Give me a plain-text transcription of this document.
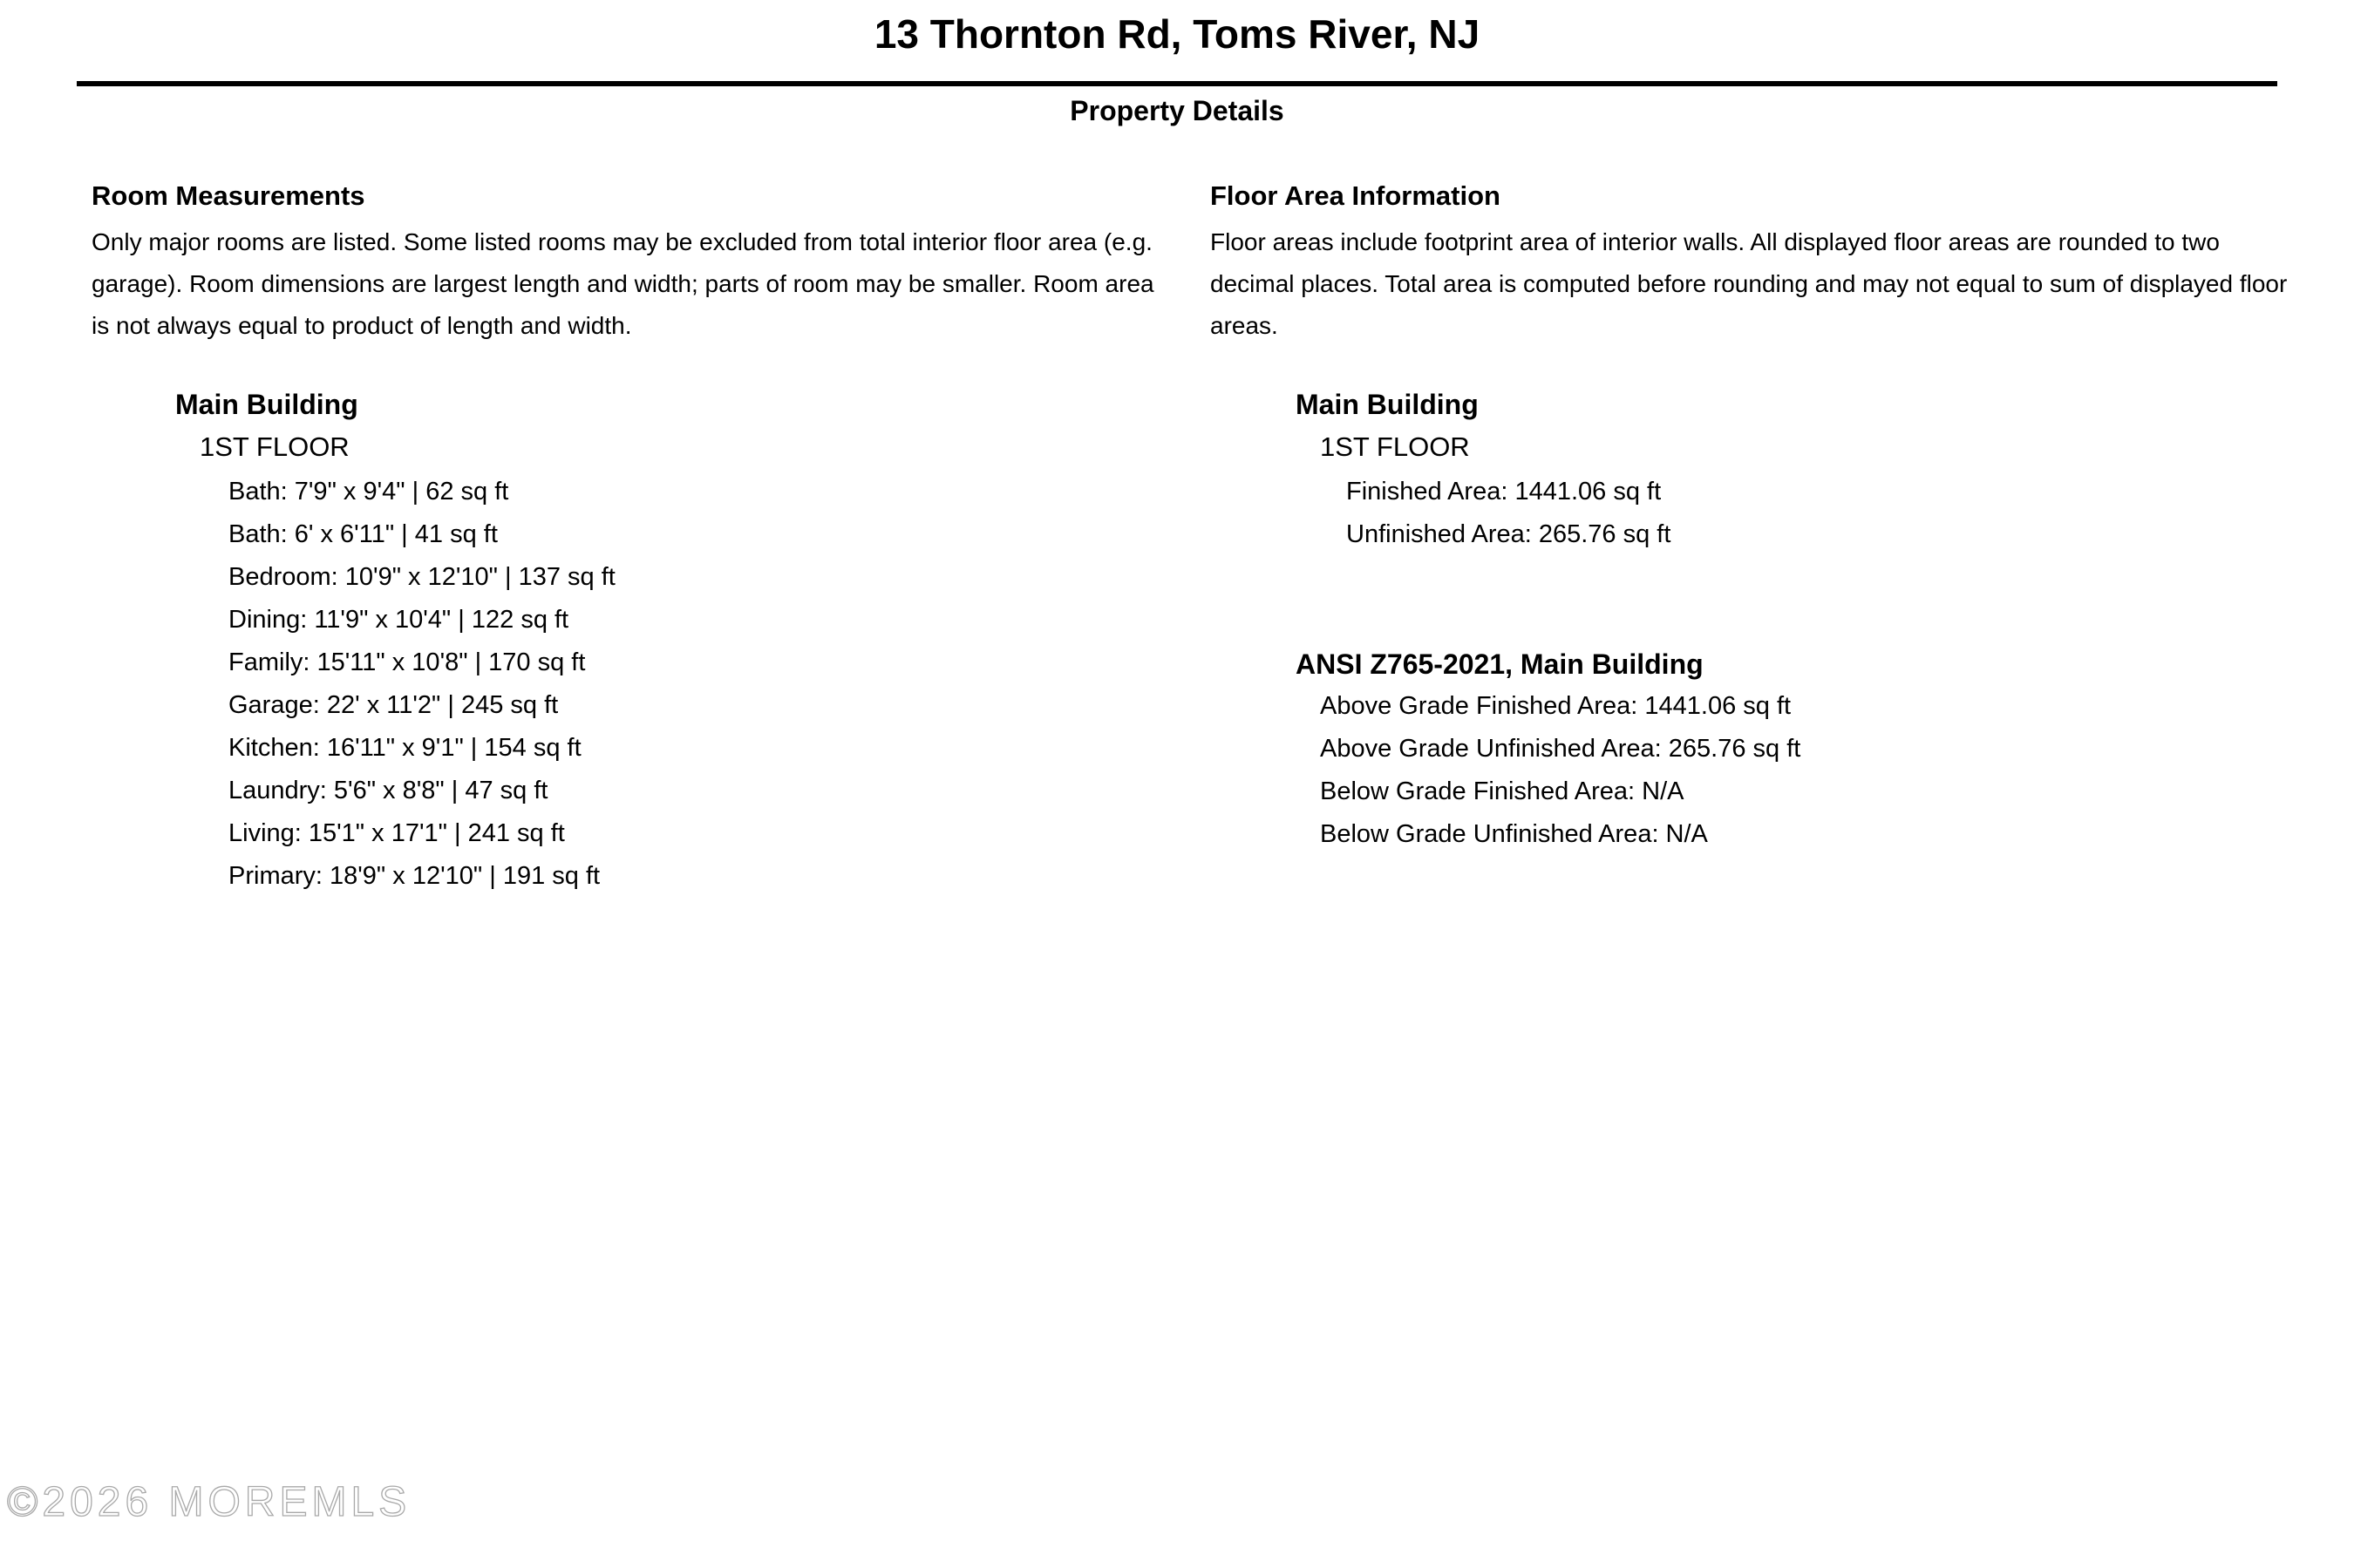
13 Thornton Rd, Toms River, NJ
Property Details
Room Measurements

Only major rooms are listed. Some listed rooms may be excluded from total interior floor area (e.g. garage). Room dimensions are largest length and width; parts of room may be smaller. Room area is not always equal to product of length and width.

Main Building
1ST FLOOR
Bath: 7'9" x 9'4" | 62 sq ft
Bath: 6' x 6'11" | 41 sq ft
Bedroom: 10'9" x 12'10" | 137 sq ft
Dining: 11'9" x 10'4" | 122 sq ft
Family: 15'11" x 10'8" | 170 sq ft
Garage: 22' x 11'2" | 245 sq ft
Kitchen: 16'11" x 9'1" | 154 sq ft
Laundry: 5'6" x 8'8" | 47 sq ft
Living: 15'1" x 17'1" | 241 sq ft
Primary: 18'9" x 12'10" | 191 sq ft
Floor Area Information

Floor areas include footprint area of interior walls. All displayed floor areas are rounded to two decimal places. Total area is computed before rounding and may not equal to sum of displayed floor areas.

Main Building
1ST FLOOR
Finished Area: 1441.06 sq ft
Unfinished Area: 265.76 sq ft
ANSI Z765-2021, Main Building
Above Grade Finished Area: 1441.06 sq ft
Above Grade Unfinished Area: 265.76 sq ft
Below Grade Finished Area: N/A
Below Grade Unfinished Area: N/A
©2026 MOREMLS
